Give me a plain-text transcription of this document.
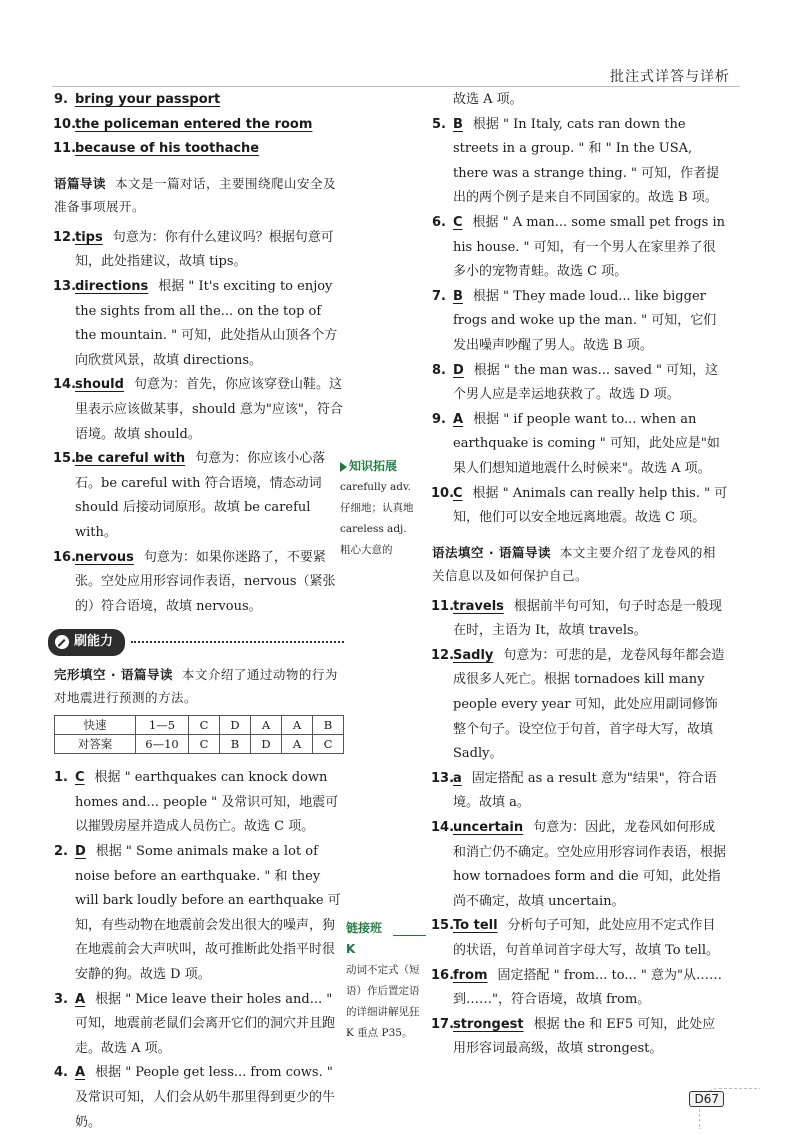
批注式详答与详析
9. bring your passport
10.
the policeman entered the room
11.
because of his toothache
语篇导读 本文是一篇对话，主要围绕爬山安全及准备事项展开。
12.
tips 句意为：你有什么建议吗？根据句意可知，此处指建议，故填 tips。
13.
directions 根据 " It's exciting to enjoy the sights from all the... on the top of the mountain. " 可知，此处指从山顶各个方向欣赏风景，故填 directions。
14.
should 句意为：首先，你应该穿登山鞋。这里表示应该做某事，should 意为"应该"，符合语境。故填 should。
15.
be careful with 句意为：你应该小心落石。be careful with 符合语境，情态动词 should 后接动词原形。故填 be careful with。
16.
nervous 句意为：如果你迷路了，不要紧张。空处应用形容词作表语，nervous（紧张的）符合语境，故填 nervous。
刷能力
完形填空 · 语篇导读 本文介绍了通过动物的行为对地震进行预测的方法。
快速	1—5	C	D	A	A	B
对答案	6—10	C	B	D	A	C
1. C 根据 " earthquakes can knock down homes and... people " 及常识可知，地震可以摧毁房屋并造成人员伤亡。故选 C 项。
2. D 根据 " Some animals make a lot of noise before an earthquake. " 和 they will bark loudly before an earthquake 可知，有些动物在地震前会发出很大的噪声，狗在地震前会大声吠叫，故可推断此处指平时很安静的狗。故选 D 项。
3. A 根据 " Mice leave their holes and... " 可知，地震前老鼠们会离开它们的洞穴并且跑走。故选 A 项。
4. A 根据 " People get less... from cows. " 及常识可知，人们会从奶牛那里得到更少的牛奶。
知识拓展
carefully adv. 仔细地；认真地
careless adj. 粗心大意的
链接班 K
动词不定式（短语）作后置定语的详细讲解见狂 K 重点 P35。
故选 A 项。
5. B 根据 " In Italy, cats ran down the streets in a group. " 和 " In the USA, there was a strange thing. " 可知，作者提出的两个例子是来自不同国家的。故选 B 项。
6. C 根据 " A man... some small pet frogs in his house. " 可知，有一个男人在家里养了很多小的宠物青蛙。故选 C 项。
7. B 根据 " They made loud... like bigger frogs and woke up the man. " 可知，它们发出噪声吵醒了男人。故选 B 项。
8. D 根据 " the man was... saved " 可知，这个男人应是幸运地获救了。故选 D 项。
9. A 根据 " if people want to... when an earthquake is coming " 可知，此处应是"如果人们想知道地震什么时候来"。故选 A 项。
10.
C 根据 " Animals can really help this. " 可知，他们可以安全地远离地震。故选 C 项。
语法填空 · 语篇导读 本文主要介绍了龙卷风的相关信息以及如何保护自己。
11.
travels 根据前半句可知，句子时态是一般现在时，主语为 It，故填 travels。
12.
Sadly 句意为：可悲的是，龙卷风每年都会造成很多人死亡。根据 tornadoes kill many people every year 可知，此处应用副词修饰整个句子。设空位于句首，首字母大写，故填 Sadly。
13.
a 固定搭配 as a result 意为"结果"，符合语境。故填 a。
14.
uncertain 句意为：因此，龙卷风如何形成和消亡仍不确定。空处应用形容词作表语，根据 how tornadoes form and die 可知，此处指尚不确定，故填 uncertain。
15.
To tell 分析句子可知，此处应用不定式作目的状语，句首单词首字母大写，故填 To tell。
16.
from 固定搭配 " from... to... " 意为"从……到……"，符合语境，故填 from。
17.
strongest 根据 the 和 EF5 可知，此处应用形容词最高级，故填 strongest。
D67
